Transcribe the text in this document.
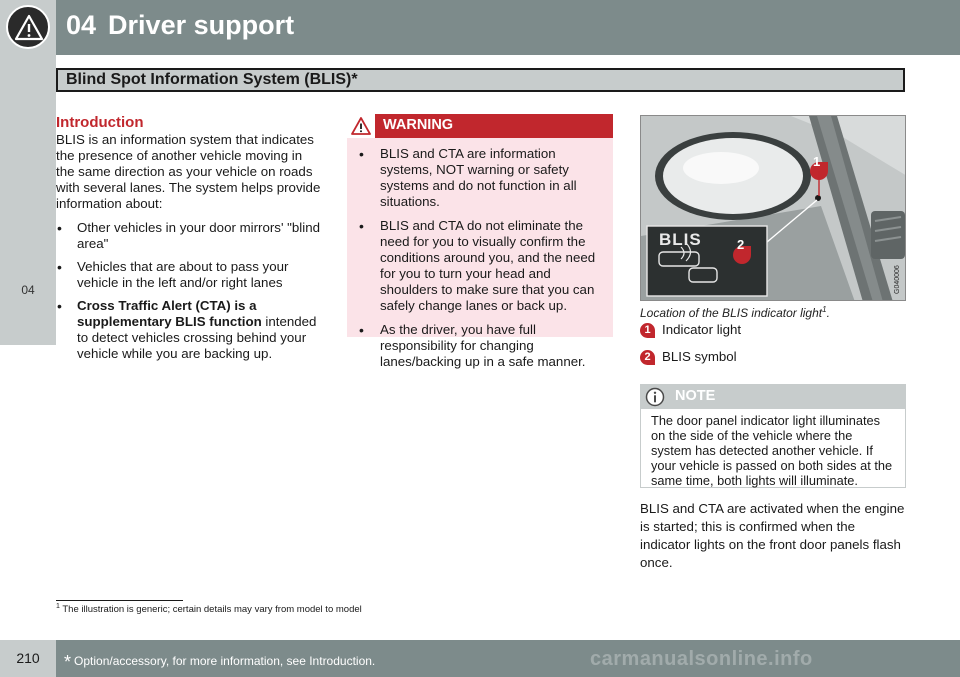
04 Driver support
04
Blind Spot Information System (BLIS)*
Introduction

BLIS is an information system that indicates the presence of another vehicle moving in the same direction as your vehicle on roads with several lanes. The system helps provide information about:

• Other vehicles in your door mirrors' "blind area"
• Vehicles that are about to pass your vehicle in the left and/or right lanes
• Cross Traffic Alert (CTA) is a supplementary BLIS function intended to detect vehicles crossing behind your vehicle while you are backing up.
WARNING
• BLIS and CTA are information systems, NOT warning or safety systems and do not function in all situations.
• BLIS and CTA do not eliminate the need for you to visually confirm the conditions around you, and the need for you to turn your head and shoulders to make sure that you can safely change lanes or back up.
• As the driver, you have full responsibility for changing lanes/backing up in a safe manner.
G040006
BLIS
1
2
Location of the BLIS indicator light$^1$.
1 Indicator light
2 BLIS symbol
NOTE
The door panel indicator light illuminates on the side of the vehicle where the system has detected another vehicle. If your vehicle is passed on both sides at the same time, both lights will illuminate.
BLIS and CTA are activated when the engine is started; this is confirmed when the indicator lights on the front door panels flash once.
$^1$ The illustration is generic; certain details may vary from model to model
210	* Option/accessory, for more information, see Introduction.	carmanualsonline.info
